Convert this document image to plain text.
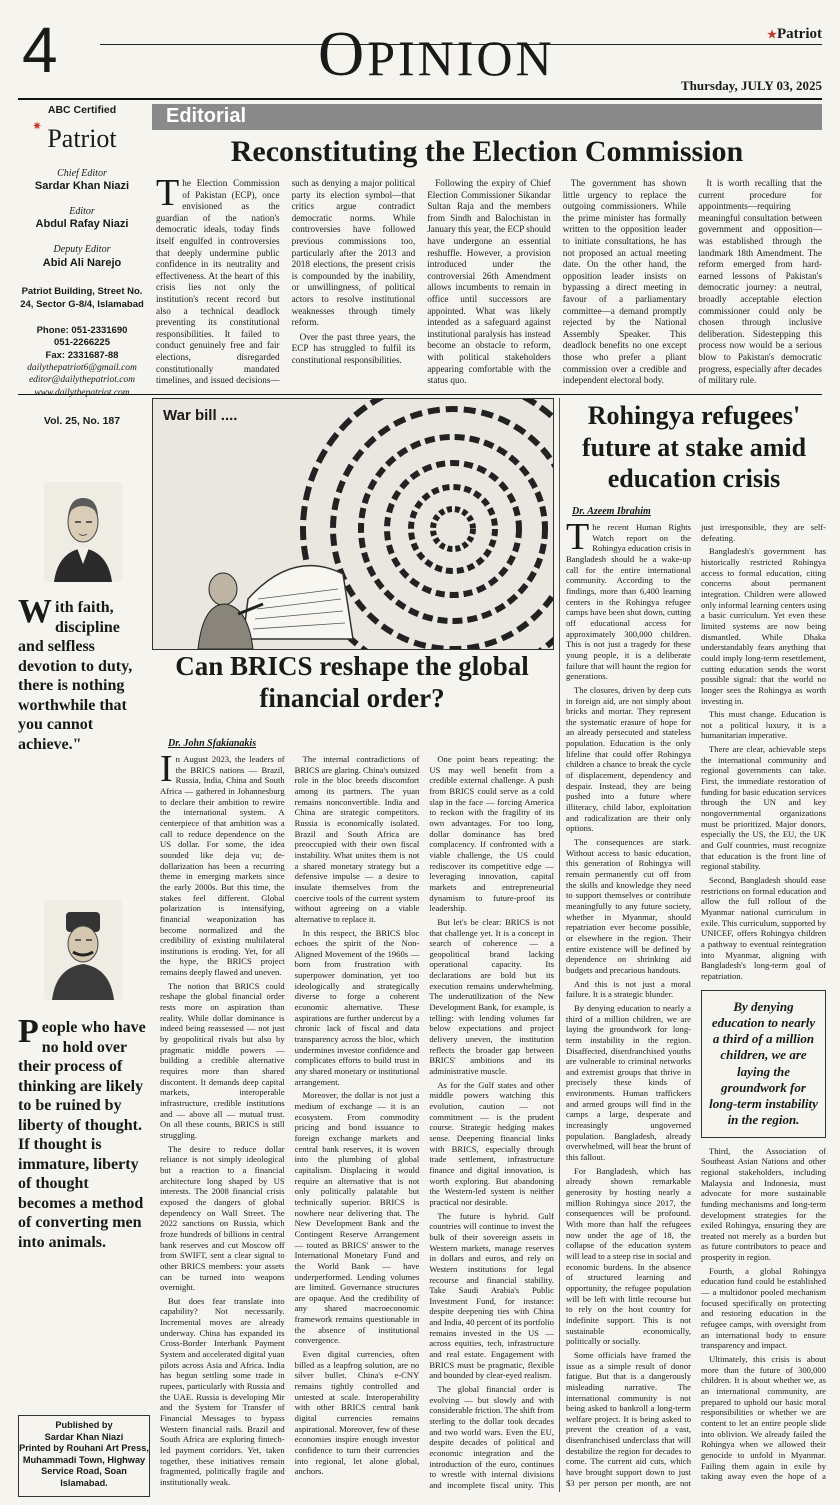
4	OPINION	★Patriot
Thursday, JULY 03, 2025
ABC Certified
✷ Patriot
Chief Editor
Sardar Khan Niazi
Editor
Abdul Rafay Niazi
Deputy Editor
Abid Ali Narejo
Patriot Building, Street No. 24, Sector G-8/4, Islamabad
Phone: 051-2331690
051-2266225
Fax: 2331687-88
dailythepatriot6@gmail.com
editor@dailythepatriot.com
www.dailythepatriot.com
Vol. 25, No. 187
Editorial
Reconstituting the Election Commission

The Election Commission of Pakistan (ECP), once envisioned as the guardian of the nation's democratic ideals, today finds itself engulfed in controversies that deeply undermine public confidence in its neutrality and effectiveness. At the heart of this crisis lies not only the institution's recent record but also a technical deadlock preventing its constitutional responsibilities. It failed to conduct genuinely free and fair elections, disregarded constitutionally mandated timelines, and issued decisions—such as denying a major political party its election symbol—that critics argue contradict democratic norms. While controversies have followed previous commissions too, particularly after the 2013 and 2018 elections, the present crisis is compounded by the inability, or unwillingness, of political actors to resolve institutional weaknesses through timely reform.

Over the past three years, the ECP has struggled to fulfil its constitutional responsibilities.

Following the expiry of Chief Election Commissioner Sikandar Sultan Raja and the members from Sindh and Balochistan in January this year, the ECP should have undergone an essential reshuffle. However, a provision introduced under the controversial 26th Amendment allows incumbents to remain in office until successors are appointed. What was likely intended as a safeguard against institutional paralysis has instead become an obstacle to reform, with political stakeholders appearing comfortable with the status quo.

The government has shown little urgency to replace the outgoing commissioners. While the prime minister has formally written to the opposition leader to initiate consultations, he has not proposed an actual meeting date. On the other hand, the opposition leader insists on bypassing a direct meeting in favour of a parliamentary committee—a demand promptly rejected by the National Assembly Speaker. This deadlock benefits no one except those who prefer a pliant commission over a credible and independent electoral body.

It is worth recalling that the current procedure for appointments—requiring meaningful consultation between government and opposition—was established through the landmark 18th Amendment. The reform emerged from hard-earned lessons of Pakistan's democratic journey: a neutral, broadly acceptable election commissioner could only be chosen through inclusive deliberation. Sidestepping this process now would be a serious blow to Pakistan's democratic progress, especially after decades of military rule.

With faith, discipline and selfless devotion to duty, there is nothing worthwhile that you cannot achieve."
People who have no hold over their process of thinking are likely to be ruined by liberty of thought. If thought is immature, liberty of thought becomes a method of converting men into animals.
War bill ....
Can BRICS reshape the global financial order?
Dr. John Sfakianakis

In August 2023, the leaders of the BRICS nations — Brazil, Russia, India, China and South Africa — gathered in Johannesburg to declare their ambition to rewire the international system. A centerpiece of that ambition was a call to reduce dependence on the US dollar. For some, the idea sounded like deja vu; de-dollarization has been a recurring theme in emerging markets since the early 2000s. But this time, the stakes feel different. Global polarization is intensifying, financial weaponization has become normalized and the credibility of existing multilateral institutions is eroding. Yet, for all the hype, the BRICS project remains deeply flawed and uneven.

The notion that BRICS could reshape the global financial order rests more on aspiration than reality. While dollar dominance is indeed being reassessed — not just by geopolitical rivals but also by pragmatic middle powers — building a credible alternative requires more than shared discontent. It demands deep capital markets, interoperable infrastructure, credible institutions and — above all — mutual trust. On all these counts, BRICS is still struggling.

The desire to reduce dollar reliance is not simply ideological but a reaction to a financial architecture long shaped by US interests. The 2008 financial crisis exposed the dangers of global dependency on Wall Street. The 2022 sanctions on Russia, which froze hundreds of billions in central bank reserves and cut Moscow off from SWIFT, sent a clear signal to other BRICS members: your assets can be turned into weapons overnight.

But does fear translate into capability? Not necessarily. Incremental moves are already underway. China has expanded its Cross-Border Interbank Payment System and accelerated digital yuan pilots across Asia and Africa. India has begun settling some trade in rupees, particularly with Russia and the UAE. Russia is developing Mir and the System for Transfer of Financial Messages to bypass Western financial rails. Brazil and South Africa are exploring fintech-led payment corridors. Yet, taken together, these initiatives remain fragmented, politically fragile and institutionally weak.

The internal contradictions of BRICS are glaring. China's outsized role in the bloc breeds discomfort among its partners. The yuan remains nonconvertible. India and China are strategic competitors. Russia is economically isolated. Brazil and South Africa are preoccupied with their own fiscal instability. What unites them is not a shared monetary strategy but a defensive impulse — a desire to insulate themselves from the coercive tools of the current system without agreeing on a viable alternative to replace it.

In this respect, the BRICS bloc echoes the spirit of the Non-Aligned Movement of the 1960s — born from frustration with superpower domination, yet too ideologically and strategically diverse to forge a coherent economic alternative. These aspirations are further undercut by a chronic lack of fiscal and data transparency across the bloc, which undermines investor confidence and complicates efforts to build trust in any shared monetary or institutional arrangement.

Moreover, the dollar is not just a medium of exchange — it is an ecosystem. From commodity pricing and bond issuance to foreign exchange markets and central bank reserves, it is woven into the plumbing of global capitalism. Displacing it would require an alternative that is not only politically palatable but technically superior. BRICS is nowhere near delivering that. The New Development Bank and the Contingent Reserve Arrangement — touted as BRICS' answer to the International Monetary Fund and the World Bank — have underperformed. Lending volumes are limited. Governance structures are opaque. And the credibility of any shared macroeconomic framework remains questionable in the absence of institutional convergence.

Even digital currencies, often billed as a leapfrog solution, are no silver bullet. China's e-CNY remains tightly controlled and untested at scale. Interoperability with other BRICS central bank digital currencies remains aspirational. Moreover, few of these economies inspire enough investor confidence to turn their currencies into regional, let alone global, anchors.

One point bears repeating: the US may well benefit from a credible external challenge. A push from BRICS could serve as a cold slap in the face — forcing America to reckon with the fragility of its own advantages. For too long, dollar dominance has bred complacency. If confronted with a viable challenge, the US could rediscover its competitive edge — leveraging innovation, capital markets and entrepreneurial dynamism to future-proof its leadership.

But let's be clear: BRICS is not that challenge yet. It is a concept in search of coherence — a geopolitical brand lacking operational capacity. Its declarations are bold but its execution remains underwhelming. The underutilization of the New Development Bank, for example, is telling: with lending volumes far below expectations and project delivery uneven, the institution reflects the broader gap between BRICS' ambitions and its administrative muscle.

As for the Gulf states and other middle powers watching this evolution, caution — not commitment — is the prudent course. Strategic hedging makes sense. Deepening financial links with BRICS, especially through trade settlement, infrastructure finance and digital innovation, is worth exploring. But abandoning the Western-led system is neither practical nor desirable.

The future is hybrid. Gulf countries will continue to invest the bulk of their sovereign assets in Western markets, manage reserves in dollars and euros, and rely on Western institutions for legal recourse and financial stability. Take Saudi Arabia's Public Investment Fund, for instance: despite deepening ties with China and India, 40 percent of its portfolio remains invested in the US — across equities, tech, infrastructure and real estate. Engagement with BRICS must be pragmatic, flexible and bounded by clear-eyed realism.

The global financial order is evolving — but slowly and with considerable friction. The shift from sterling to the dollar took decades and two world wars. Even the EU, despite decades of political and economic integration and the introduction of the euro, continues to wrestle with internal divisions and incomplete fiscal unity. This

Rohingya refugees' future at stake amid education crisis
Dr. Azeem Ibrahim

The recent Human Rights Watch report on the Rohingya education crisis in Bangladesh should be a wake-up call for the entire international community. According to the findings, more than 6,400 learning centers in the Rohingya refugee camps have been shut down, cutting off educational access for approximately 300,000 children. This is not just a tragedy for these young people, it is a deliberate failure that will haunt the region for generations.

The closures, driven by deep cuts in foreign aid, are not simply about bricks and mortar. They represent the systematic erasure of hope for an already persecuted and stateless population. Education is the only lifeline that could offer Rohingya children a chance to break the cycle of displacement, dependency and despair. Instead, they are being pushed into a future where illiteracy, child labor, exploitation and radicalization are their only options.

The consequences are stark. Without access to basic education, this generation of Rohingya will remain permanently cut off from the skills and knowledge they need to support themselves or contribute meaningfully to any future society, whether in Myanmar, should repatriation ever become possible, or elsewhere in the region. Their entire existence will be defined by dependence on shrinking aid budgets and precarious handouts.

And this is not just a moral failure. It is a strategic blunder.

By denying education to nearly a third of a million children, we are laying the groundwork for long-term instability in the region. Disaffected, disenfranchised youths are vulnerable to criminal networks and extremist groups that thrive in precisely these kinds of environments. Human traffickers and armed groups will find in the camps a large, desperate and increasingly ungoverned population. Bangladesh, already overwhelmed, will bear the brunt of this fallout.

For Bangladesh, which has already shown remarkable generosity by hosting nearly a million Rohingya since 2017, the consequences will be profound. With more than half the refugees now under the age of 18, the collapse of the education system will lead to a steep rise in social and economic burdens. In the absence of structured learning and opportunity, the refugee population will be left with little recourse but to rely on the host country for indefinite support. This is not sustainable economically, politically or socially.

Some officials have framed the issue as a simple result of donor fatigue. But that is a dangerously misleading narrative. The international community is not being asked to bankroll a long-term welfare project. It is being asked to prevent the creation of a vast, disenfranchised underclass that will destabilize the region for decades to come. The current aid cuts, which have brought support down to just $3 per person per month, are not just irresponsible, they are self-defeating.

Bangladesh's government has historically restricted Rohingya access to formal education, citing concerns about permanent integration. Children were allowed only informal learning centers using a basic curriculum. Yet even these limited systems are now being dismantled. While Dhaka understandably fears anything that could imply long-term resettlement, cutting education sends the worst possible signal: that the world no longer sees the Rohingya as worth investing in.

This must change. Education is not a political luxury, it is a humanitarian imperative.

There are clear, achievable steps the international community and regional governments can take. First, the immediate restoration of funding for basic education services through the UN and key nongovernmental organizations must be prioritized. Major donors, especially the US, the EU, the UK and Gulf countries, must recognize that education is the front line of regional stability.

Second, Bangladesh should ease restrictions on formal education and allow the full rollout of the Myanmar national curriculum in exile. This curriculum, supported by UNICEF, offers Rohingya children a pathway to eventual reintegration into Myanmar, aligning with Bangladesh's long-term goal of repatriation.

By denying education to nearly a third of a million children, we are laying the groundwork for long-term instability in the region.

Third, the Association of Southeast Asian Nations and other regional stakeholders, including Malaysia and Indonesia, must advocate for more sustainable funding mechanisms and long-term development strategies for the exiled Rohingya, ensuring they are treated not merely as a burden but as future contributors to peace and prosperity in region.

Fourth, a global Rohingya education fund could be established — a multidonor pooled mechanism focused specifically on protecting and restoring education in the refugee camps, with oversight from an international body to ensure transparency and impact.

Ultimately, this crisis is about more than the future of 300,000 children. It is about whether we, as an international community, are prepared to uphold our basic moral responsibilities or whether we are content to let an entire people slide into oblivion. We already failed the Rohingya when we allowed their genocide to unfold in Myanmar. Failing them again in exile by taking away even the hope of a

Published by
Sardar Khan Niazi
Printed by Rouhani Art Press, Muhammadi Town, Highway Service Road, Soan Islamabad.
